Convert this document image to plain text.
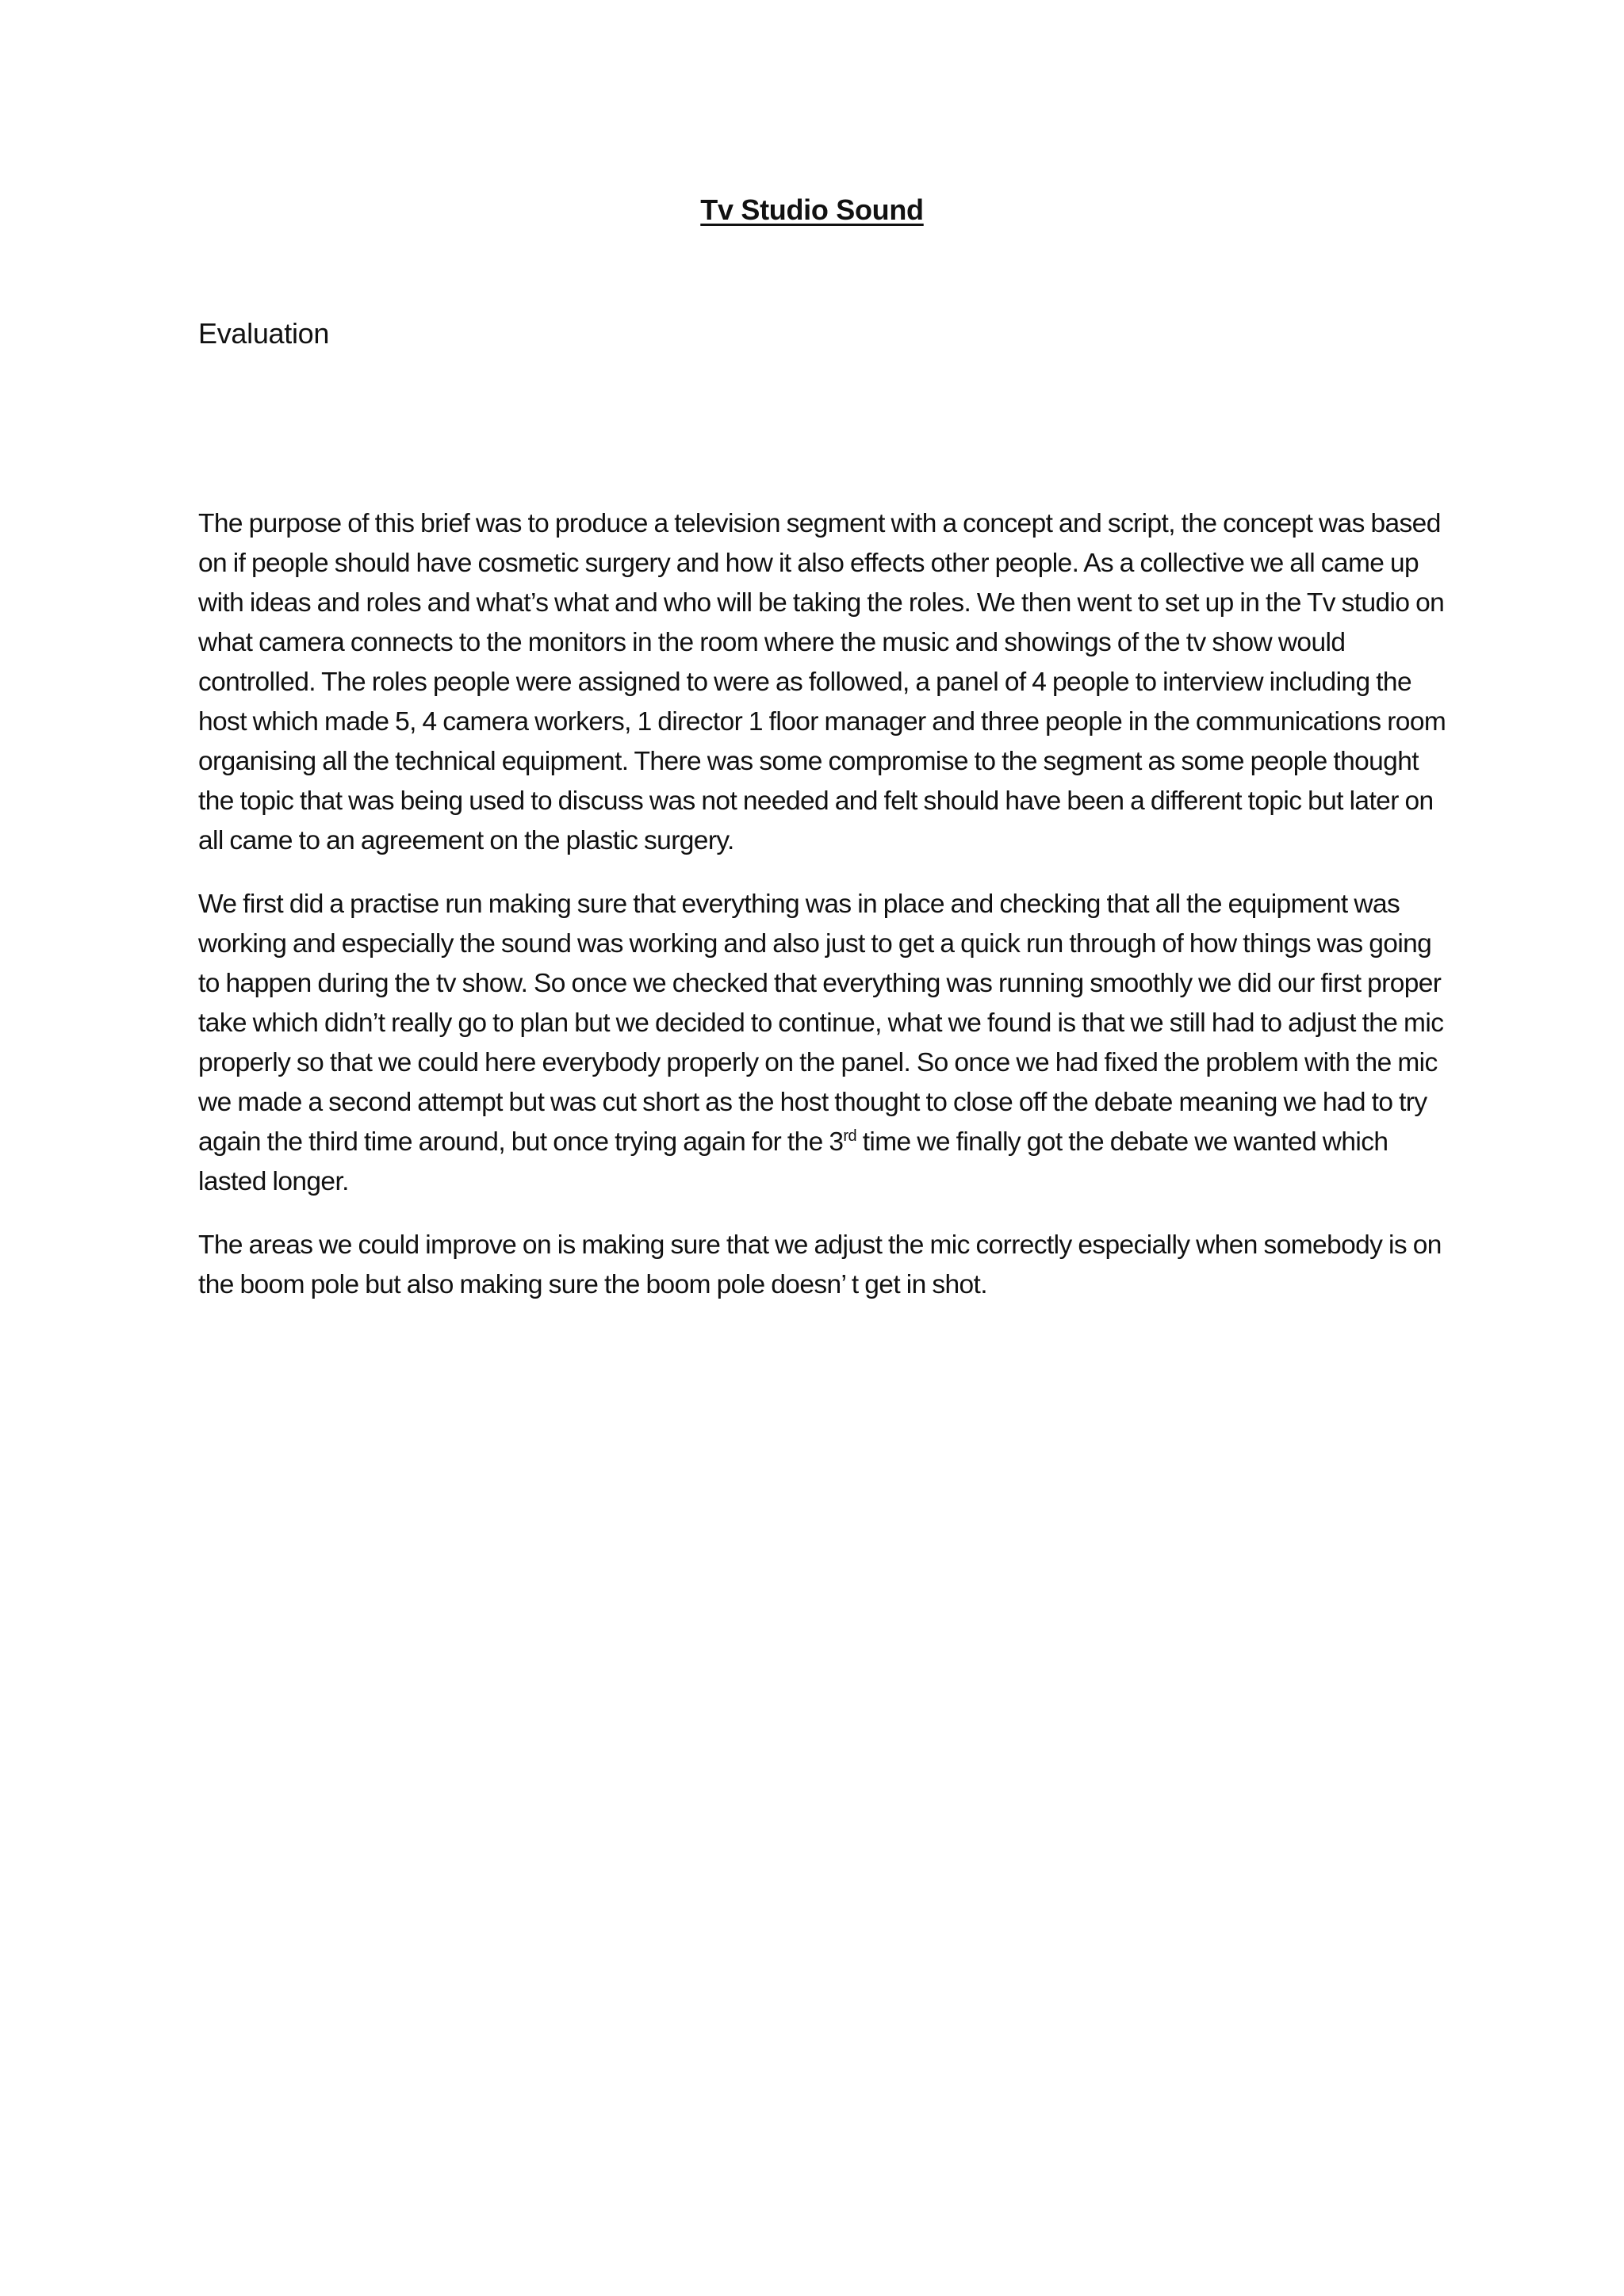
Tv Studio Sound
Evaluation

The purpose of this brief was to produce a television segment with a concept and script, the concept was based on if people should have cosmetic surgery and how it also effects other people. As a collective we all came up with ideas and roles and what’s what and who will be taking the roles. We then went to set up in the Tv studio on what camera connects to the monitors in the room where the music and showings of the tv show would controlled. The roles people were assigned to were as followed, a panel of 4 people to interview including the host which made 5, 4 camera workers, 1 director 1 floor manager and three people in the communications room organising all the technical equipment. There was some compromise to the segment as some people thought the topic that was being used to discuss was not needed and felt should have been a different topic but later on all came to an agreement on the plastic surgery.

We first did a practise run making sure that everything was in place and checking that all the equipment was working and especially the sound was working and also just to get a quick run through of how things was going to happen during the tv show. So once we checked that everything was running smoothly we did our first proper take which didn’t really go to plan but we decided to continue, what we found is that we still had to adjust the mic properly so that we could here everybody properly on the panel. So once we had fixed the problem with the mic we made a second attempt but was cut short as the host thought to close off the debate meaning we had to try again the third time around, but once trying again for the 3rd time we finally got the debate we wanted which lasted longer.

The areas we could improve on is making sure that we adjust the mic correctly especially when somebody is on the boom pole but also making sure the boom pole doesn’ t get in shot.
